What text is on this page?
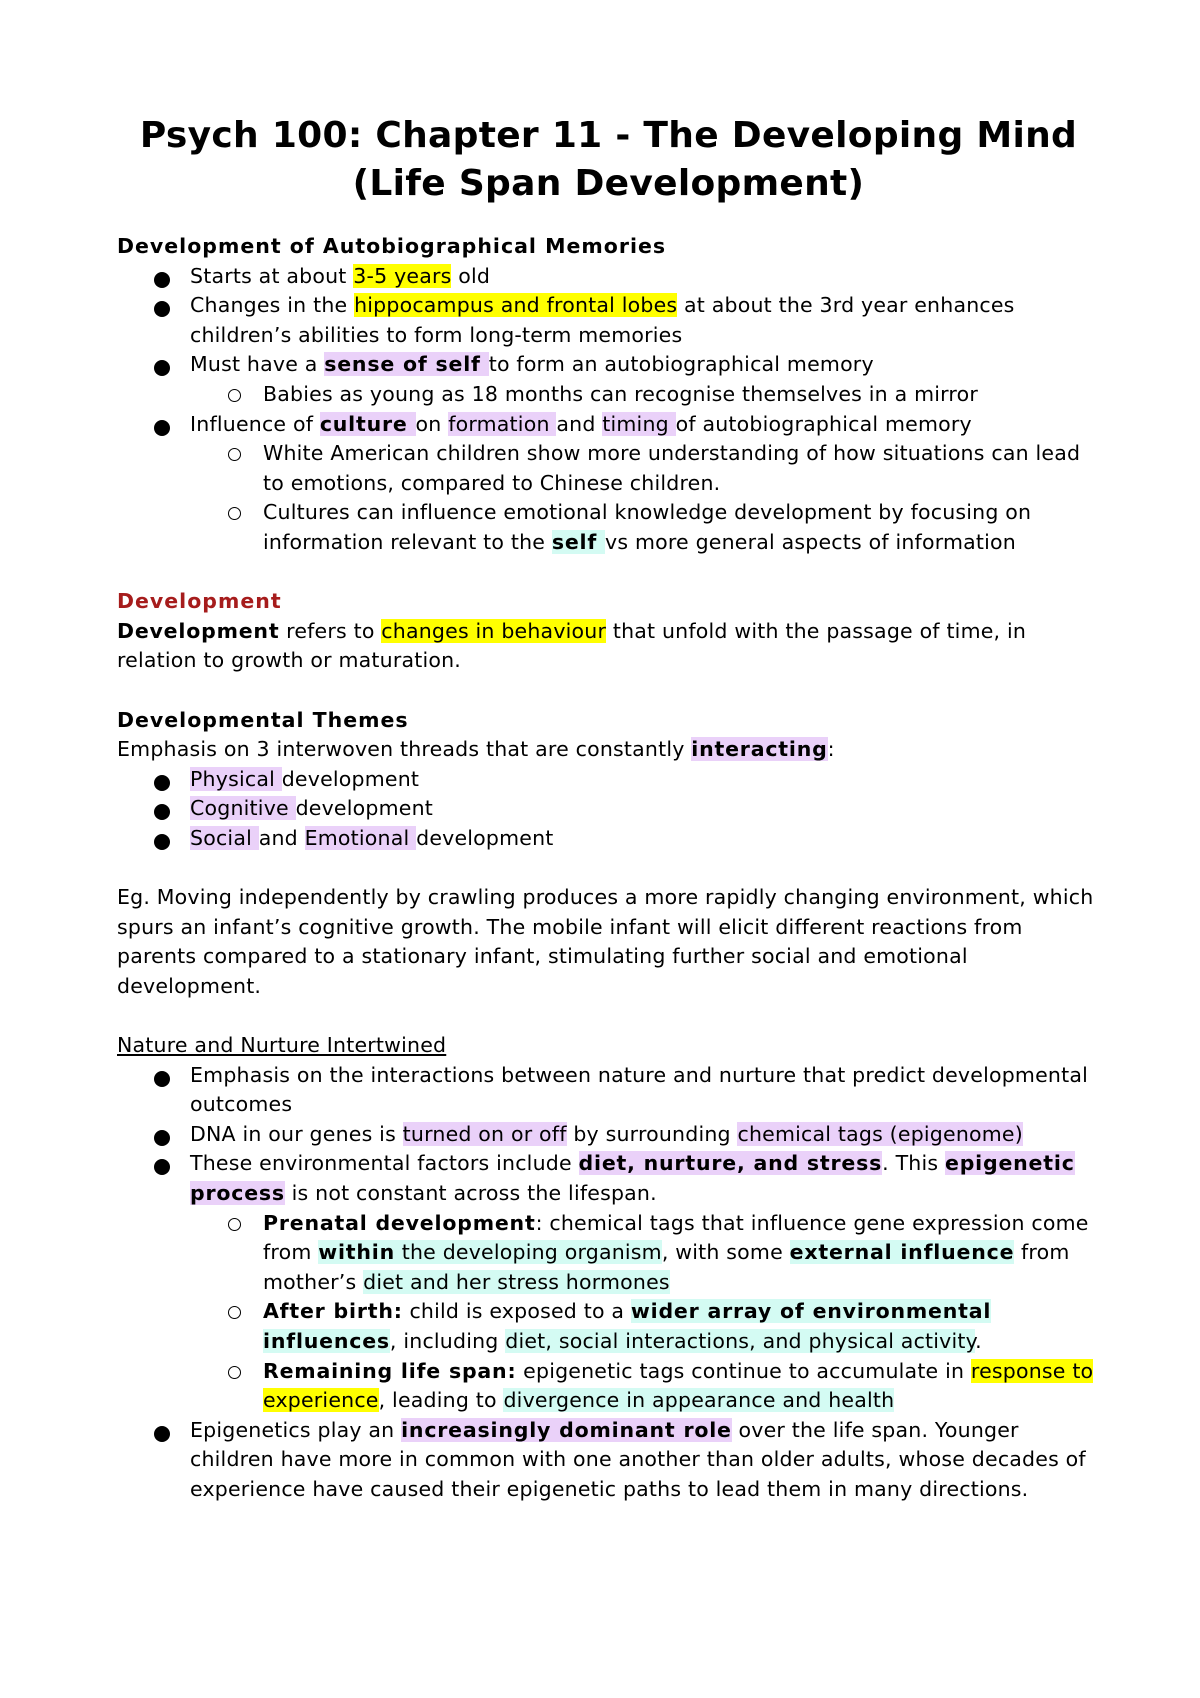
Psych 100: Chapter 11 - The Developing Mind
(Life Span Development)

Development of Autobiographical Memories

Starts at about 3-5 years old
Changes in the hippocampus and frontal lobes at about the 3rd year enhances children’s abilities to form long-term memories
Must have a sense of self to form an autobiographical memory
Babies as young as 18 months can recognise themselves in a mirror
Influence of culture on formation and timing of autobiographical memory
White American children show more understanding of how situations can lead to emotions, compared to Chinese children.
Cultures can influence emotional knowledge development by focusing on information relevant to the self vs more general aspects of information

Development

Development refers to changes in behaviour that unfold with the passage of time, in relation to growth or maturation.

Developmental Themes

Emphasis on 3 interwoven threads that are constantly interacting:

Physical development
Cognitive development
Social and Emotional development

Eg. Moving independently by crawling produces a more rapidly changing environment, which spurs an infant’s cognitive growth. The mobile infant will elicit different reactions from parents compared to a stationary infant, stimulating further social and emotional development.

Nature and Nurture Intertwined

Emphasis on the interactions between nature and nurture that predict developmental outcomes
DNA in our genes is turned on or off by surrounding chemical tags (epigenome)
These environmental factors include diet, nurture, and stress. This epigenetic process is not constant across the lifespan.
Prenatal development: chemical tags that influence gene expression come from within the developing organism, with some external influence from mother’s diet and her stress hormones
After birth: child is exposed to a wider array of environmental influences, including diet, social interactions, and physical activity.
Remaining life span: epigenetic tags continue to accumulate in response to experience, leading to divergence in appearance and health
Epigenetics play an increasingly dominant role over the life span. Younger children have more in common with one another than older adults, whose decades of experience have caused their epigenetic paths to lead them in many directions.
